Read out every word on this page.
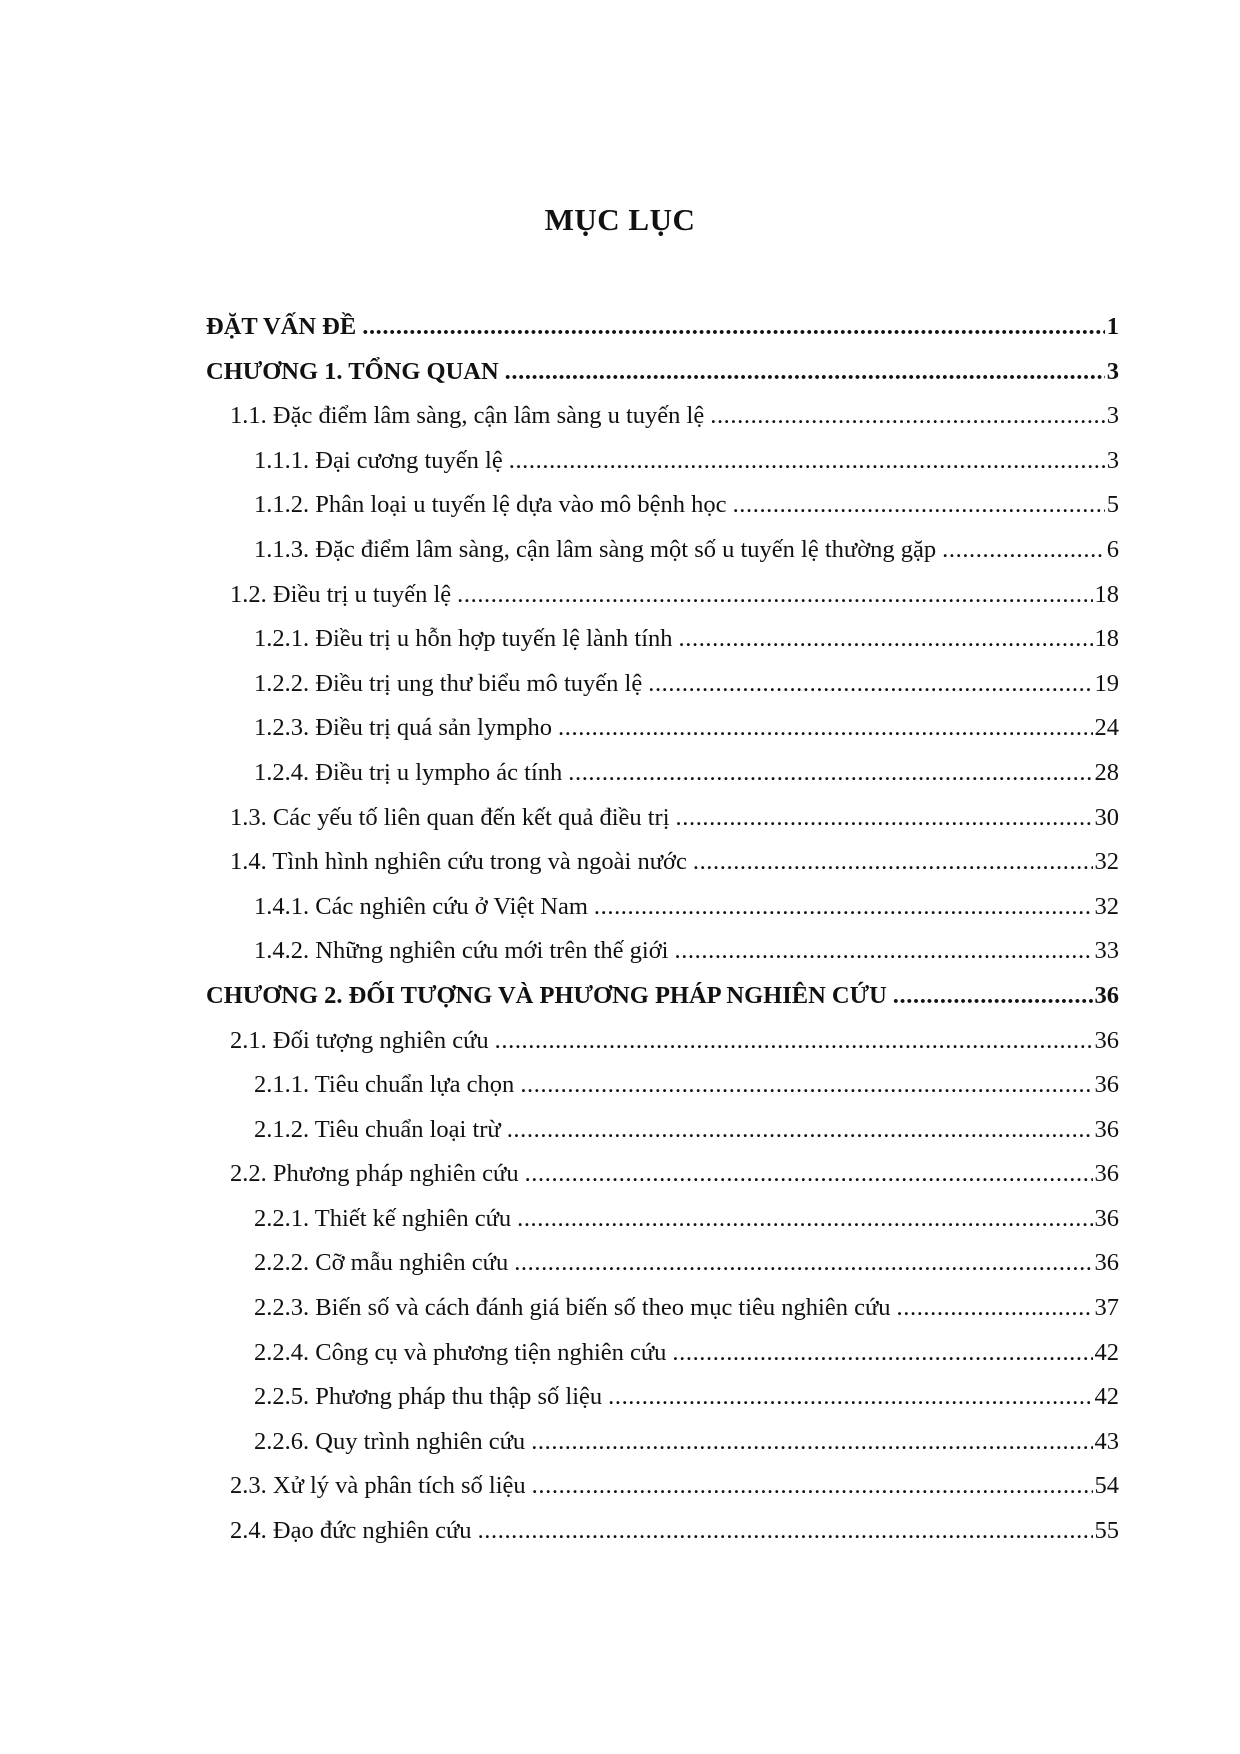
MỤC LỤC
ĐẶT VẤN ĐỀ .....	1
CHƯƠNG 1. TỔNG QUAN .....	3
1.1. Đặc điểm lâm sàng, cận lâm sàng u tuyến lệ .....	3
1.1.1. Đại cương tuyến lệ .....	3
1.1.2. Phân loại u tuyến lệ dựa vào mô bệnh học .....	5
1.1.3. Đặc điểm lâm sàng, cận lâm sàng một số u tuyến lệ thường gặp .....	6
1.2. Điều trị u tuyến lệ .....	18
1.2.1. Điều trị u hỗn hợp tuyến lệ lành tính .....	18
1.2.2. Điều trị ung thư biểu mô tuyến lệ .....	19
1.2.3. Điều trị quá sản lympho .....	24
1.2.4. Điều trị u lympho ác tính .....	28
1.3. Các yếu tố liên quan đến kết quả điều trị .....	30
1.4. Tình hình nghiên cứu trong và ngoài nước .....	32
1.4.1. Các nghiên cứu ở Việt Nam .....	32
1.4.2. Những nghiên cứu mới trên thế giới .....	33
CHƯƠNG 2. ĐỐI TƯỢNG VÀ PHƯƠNG PHÁP NGHIÊN CỨU .....	36
2.1. Đối tượng nghiên cứu .....	36
2.1.1. Tiêu chuẩn lựa chọn .....	36
2.1.2. Tiêu chuẩn loại trừ .....	36
2.2. Phương pháp nghiên cứu .....	36
2.2.1. Thiết kế nghiên cứu .....	36
2.2.2. Cỡ mẫu nghiên cứu .....	36
2.2.3. Biến số và cách đánh giá biến số theo mục tiêu nghiên cứu .....	37
2.2.4. Công cụ và phương tiện nghiên cứu .....	42
2.2.5. Phương pháp thu thập số liệu .....	42
2.2.6. Quy trình nghiên cứu .....	43
2.3. Xử lý và phân tích số liệu .....	54
2.4. Đạo đức nghiên cứu .....	55
